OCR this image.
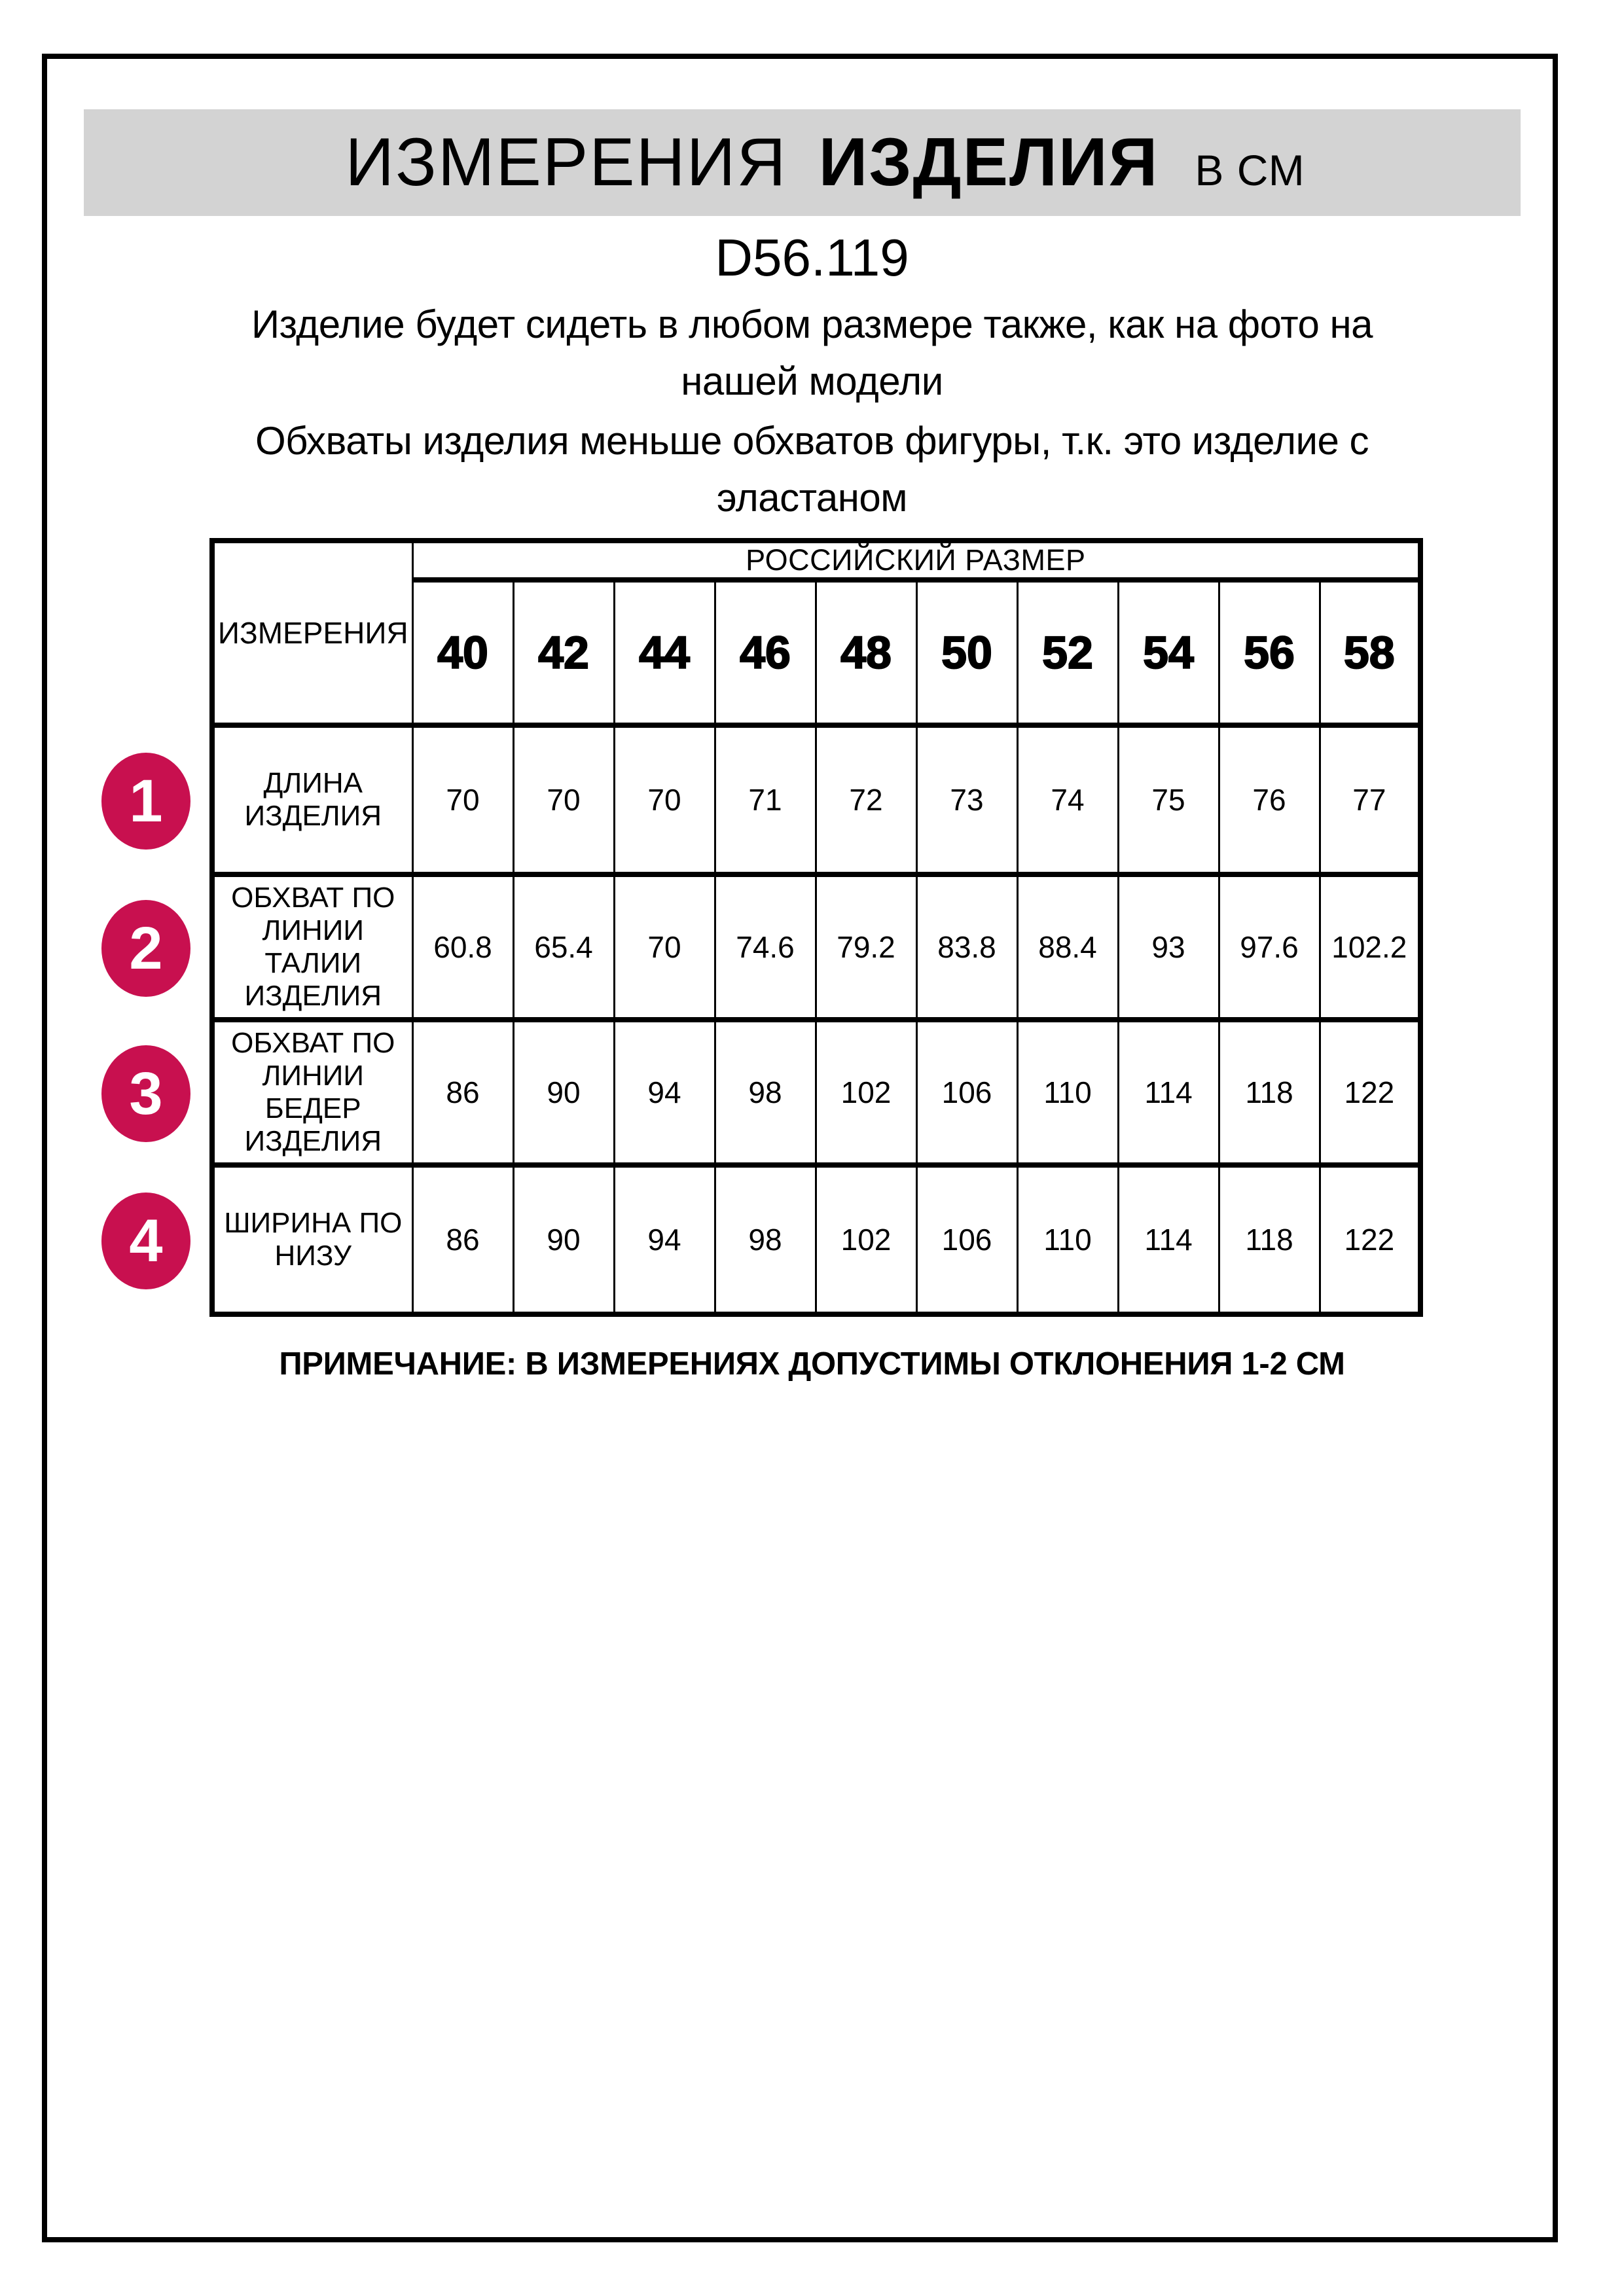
ИЗМЕРЕНИЯ ИЗДЕЛИЯ В СМ
D56.119
Изделие будет сидеть в любом размере также, как на фото на нашей модели
Обхваты изделия меньше обхватов фигуры, т.к. это изделие с эластаном
1
2
3
4
ИЗМЕРЕНИЯ	РОССИЙСКИЙ РАЗМЕР									
	40	42	44	46	48	50	52	54	56	58
ДЛИНА ИЗДЕЛИЯ	70	70	70	71	72	73	74	75	76	77
ОБХВАТ ПО ЛИНИИ ТАЛИИ ИЗДЕЛИЯ	60.8	65.4	70	74.6	79.2	83.8	88.4	93	97.6	102.2
ОБХВАТ ПО ЛИНИИ БЕДЕР ИЗДЕЛИЯ	86	90	94	98	102	106	110	114	118	122
ШИРИНА ПО НИЗУ	86	90	94	98	102	106	110	114	118	122
ПРИМЕЧАНИЕ: В ИЗМЕРЕНИЯХ ДОПУСТИМЫ ОТКЛОНЕНИЯ 1-2 СМ
